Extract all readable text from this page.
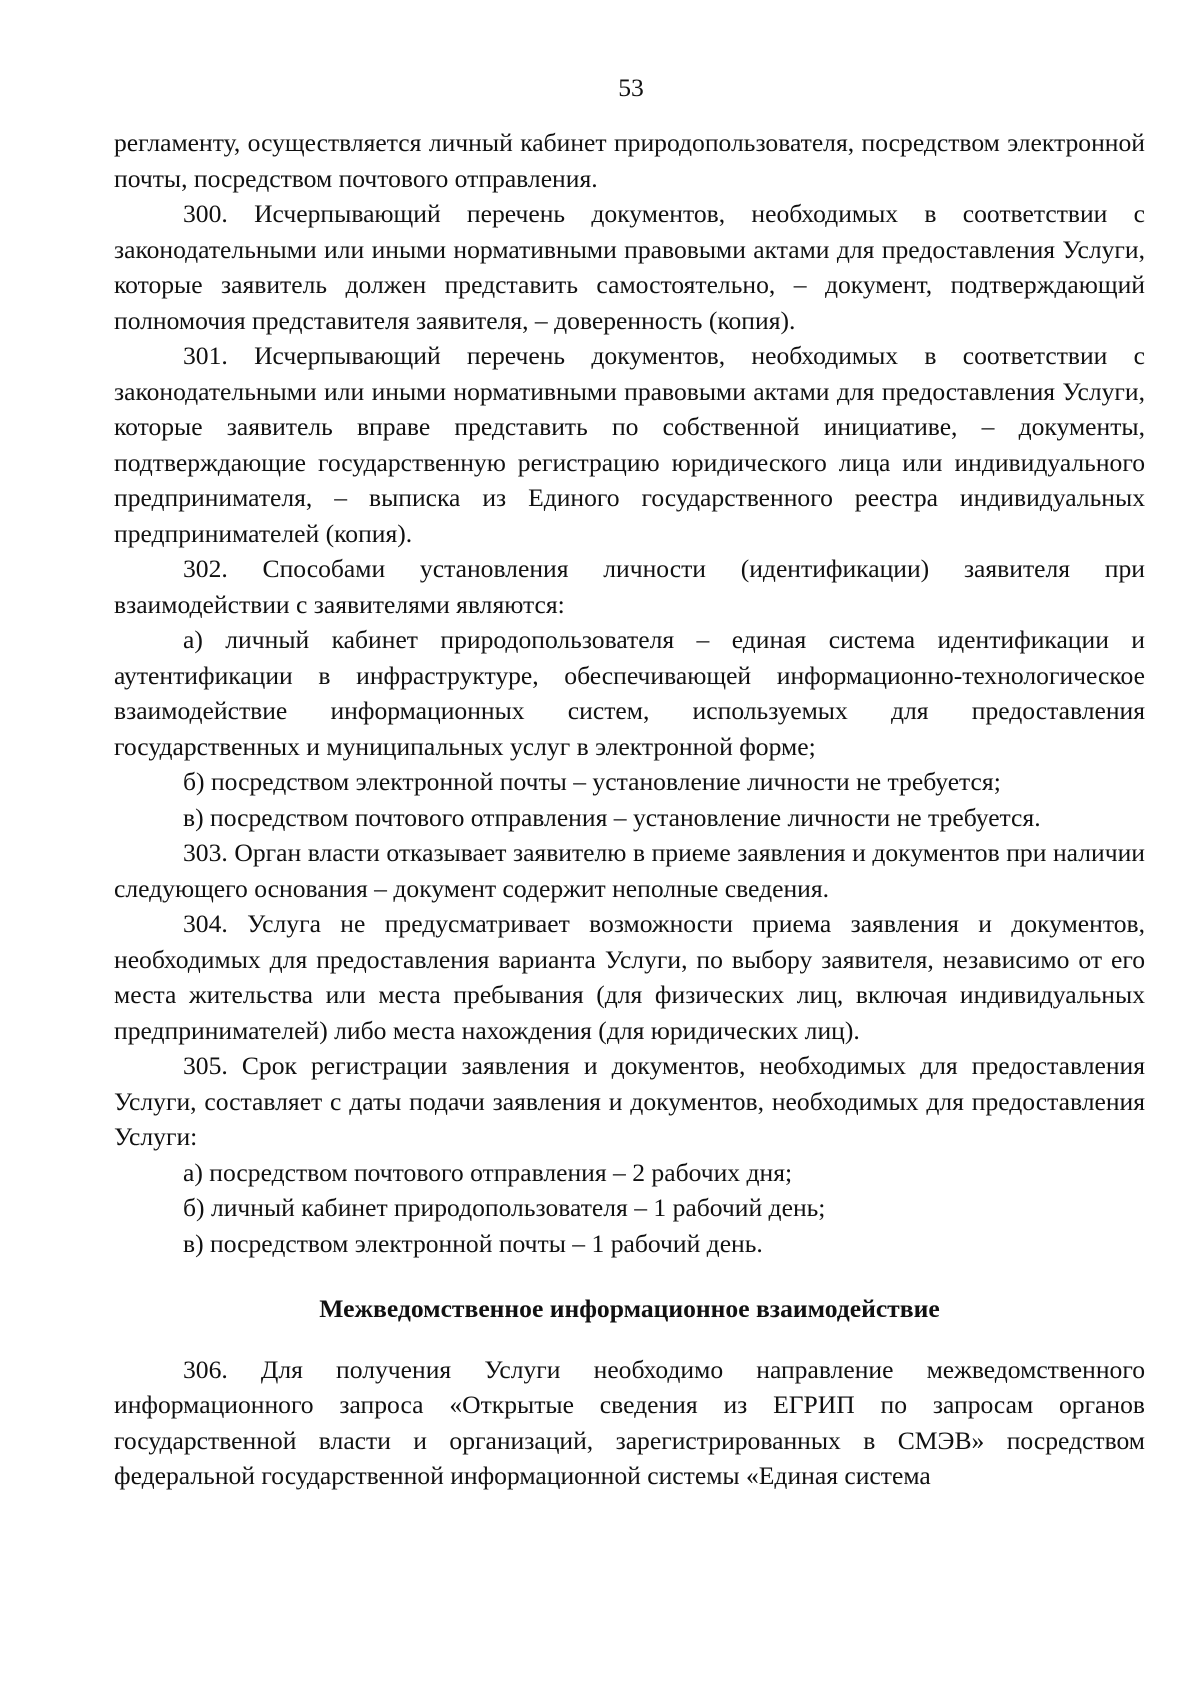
53

регламенту, осуществляется личный кабинет природопользователя, посредством электронной почты, посредством почтового отправления.

300. Исчерпывающий перечень документов, необходимых в соответствии с законодательными или иными нормативными правовыми актами для предоставления Услуги, которые заявитель должен представить самостоятельно, – документ, подтверждающий полномочия представителя заявителя, – доверенность (копия).

301. Исчерпывающий перечень документов, необходимых в соответствии с законодательными или иными нормативными правовыми актами для предоставления Услуги, которые заявитель вправе представить по собственной инициативе, – документы, подтверждающие государственную регистрацию юридического лица или индивидуального предпринимателя, – выписка из Единого государственного реестра индивидуальных предпринимателей (копия).

302. Способами установления личности (идентификации) заявителя при взаимодействии с заявителями являются:

а) личный кабинет природопользователя – единая система идентификации и аутентификации в инфраструктуре, обеспечивающей информационно-технологическое взаимодействие информационных систем, используемых для предоставления государственных и муниципальных услуг в электронной форме;

б) посредством электронной почты – установление личности не требуется;

в) посредством почтового отправления – установление личности не требуется.

303. Орган власти отказывает заявителю в приеме заявления и документов при наличии следующего основания – документ содержит неполные сведения.

304. Услуга не предусматривает возможности приема заявления и документов, необходимых для предоставления варианта Услуги, по выбору заявителя, независимо от его места жительства или места пребывания (для физических лиц, включая индивидуальных предпринимателей) либо места нахождения (для юридических лиц).

305. Срок регистрации заявления и документов, необходимых для предоставления Услуги, составляет с даты подачи заявления и документов, необходимых для предоставления Услуги:

а) посредством почтового отправления – 2 рабочих дня;

б) личный кабинет природопользователя – 1 рабочий день;

в) посредством электронной почты – 1 рабочий день.

Межведомственное информационное взаимодействие

306. Для получения Услуги необходимо направление межведомственного информационного запроса «Открытые сведения из ЕГРИП по запросам органов государственной власти и организаций, зарегистрированных в СМЭВ» посредством федеральной государственной информационной системы «Единая система
